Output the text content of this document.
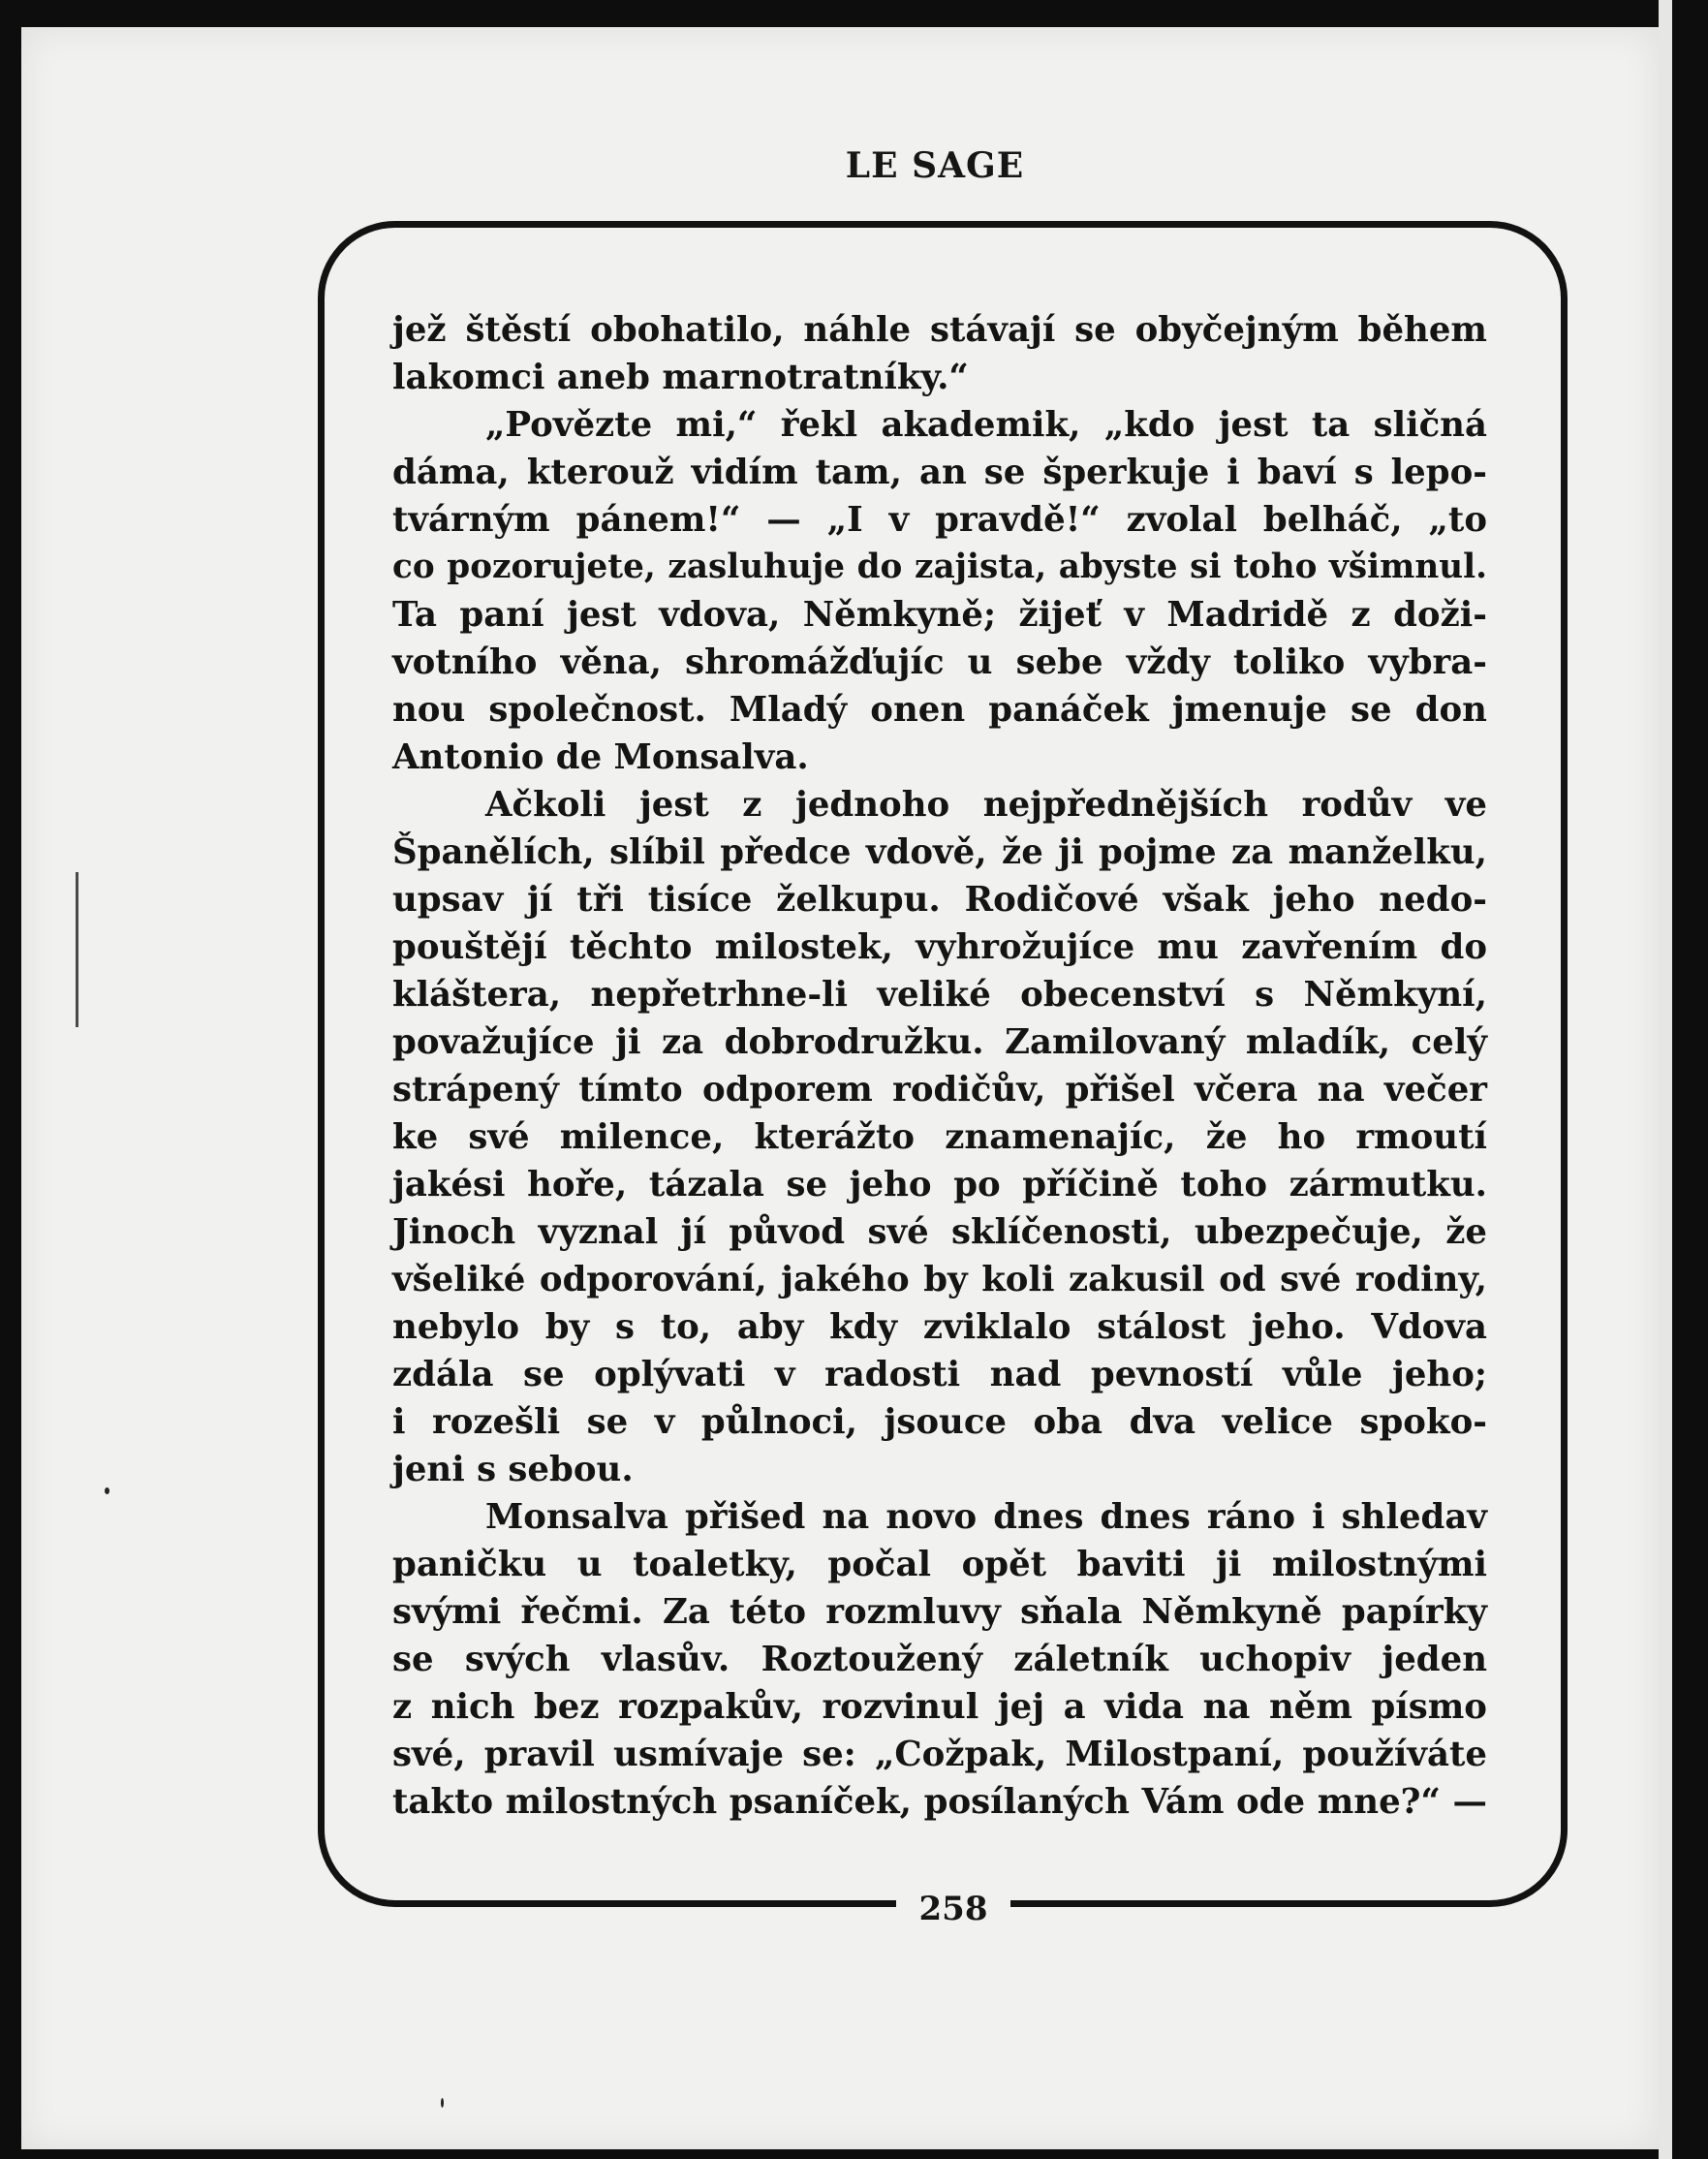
LE SAGE
258
jež štěstí obohatilo, náhle stávají se obyčejným během
lakomci aneb marnotratníky.“
„Povězte mi,“ řekl akademik, „kdo jest ta sličná
dáma, kterouž vidím tam, an se šperkuje i baví s lepo-
tvárným pánem!“ — „I v pravdě!“ zvolal belháč, „to
co pozorujete, zasluhuje do zajista, abyste si toho všimnul.
Ta paní jest vdova, Němkyně; žijeť v Madridě z doži-
votního věna, shromážďujíc u sebe vždy toliko vybra-
nou společnost. Mladý onen panáček jmenuje se don
Antonio de Monsalva.
Ačkoli jest z jednoho nejpřednějších rodův ve
Španělích, slíbil předce vdově, že ji pojme za manželku,
upsav jí tři tisíce želkupu. Rodičové však jeho nedo-
pouštějí těchto milostek, vyhrožujíce mu zavřením do
kláštera, nepřetrhne-li veliké obecenství s Němkyní,
považujíce ji za dobrodružku. Zamilovaný mladík, celý
strápený tímto odporem rodičův, přišel včera na večer
ke své milence, kterážto znamenajíc, že ho rmoutí
jakési hoře, tázala se jeho po příčině toho zármutku.
Jinoch vyznal jí původ své sklíčenosti, ubezpečuje, že
všeliké odporování, jakého by koli zakusil od své rodiny,
nebylo by s to, aby kdy zviklalo stálost jeho. Vdova
zdála se oplývati v radosti nad pevností vůle jeho;
i rozešli se v půlnoci, jsouce oba dva velice spoko-
jeni s sebou.
Monsalva přišed na novo dnes dnes ráno i shledav
paničku u toaletky, počal opět baviti ji milostnými
svými řečmi. Za této rozmluvy sňala Němkyně papírky
se svých vlasův. Roztoužený záletník uchopiv jeden
z nich bez rozpakův, rozvinul jej a vida na něm písmo
své, pravil usmívaje se: „Cožpak, Milostpaní, používáte
takto milostných psaníček, posílaných Vám ode mne?“ —
